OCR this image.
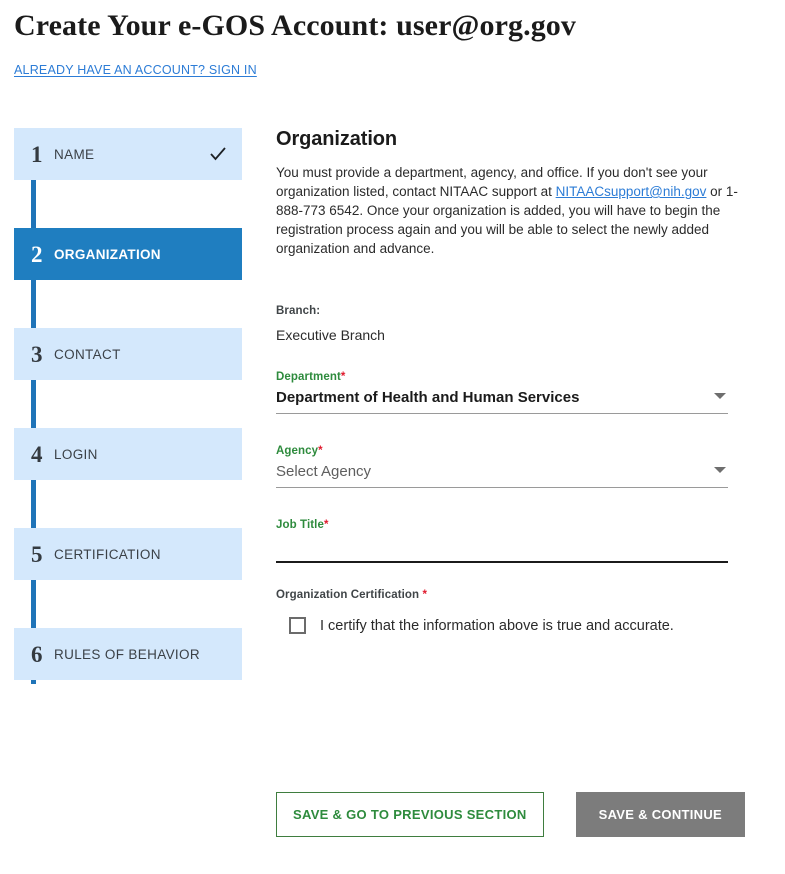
Create Your e-GOS Account: user@org.gov
ALREADY HAVE AN ACCOUNT? SIGN IN
1 NAME
2 ORGANIZATION
3 CONTACT
4 LOGIN
5 CERTIFICATION
6 RULES OF BEHAVIOR
Organization

You must provide a department, agency, and office. If you don't see your organization listed, contact NITAAC support at NITAACsupport@nih.gov or 1-888-773 6542. Once your organization is added, you will have to begin the registration process again and you will be able to select the newly added organization and advance.

Branch:
Executive Branch
Department*
Department of Health and Human Services
Agency*
Select Agency
Job Title*
Organization Certification *
I certify that the information above is true and accurate.
SAVE & GO TO PREVIOUS SECTION	SAVE & CONTINUE
